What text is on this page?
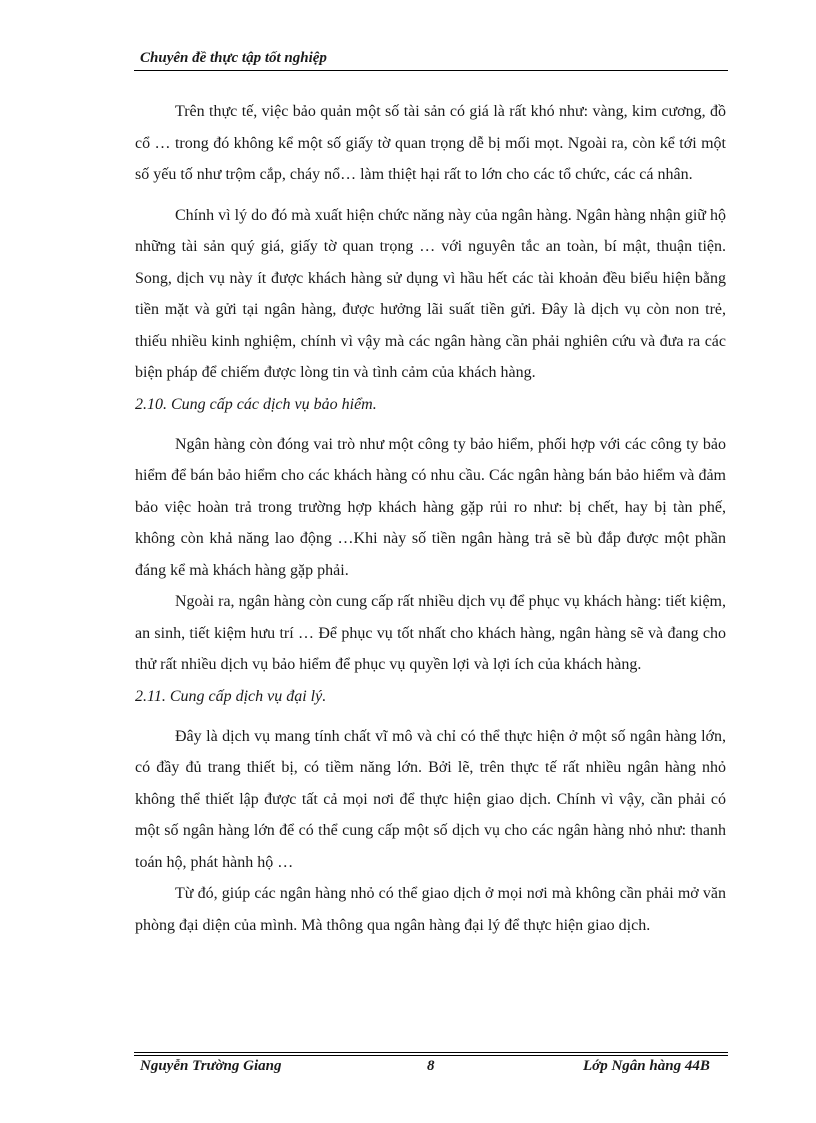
Chuyên đề thực tập tốt nghiệp

Trên thực tế, việc bảo quản một số tài sản có giá là rất khó như: vàng, kim cương, đồ cổ … trong đó không kể một số giấy tờ quan trọng dễ bị mối mọt. Ngoài ra, còn kể tới một số yếu tố như trộm cắp, cháy nổ… làm thiệt hại rất to lớn cho các tổ chức, các cá nhân.

Chính vì lý do đó mà xuất hiện chức năng này của ngân hàng. Ngân hàng nhận giữ hộ những tài sản quý giá, giấy tờ quan trọng … với nguyên tắc an toàn, bí mật, thuận tiện. Song, dịch vụ này ít được khách hàng sử dụng vì hầu hết các tài khoản đều biểu hiện bằng tiền mặt và gửi tại ngân hàng, được hưởng lãi suất tiền gửi. Đây là dịch vụ còn non trẻ, thiếu nhiều kinh nghiệm, chính vì vậy mà các ngân hàng cần phải nghiên cứu và đưa ra các biện pháp để chiếm được lòng tin và tình cảm của khách hàng.

2.10. Cung cấp các dịch vụ bảo hiểm.

Ngân hàng còn đóng vai trò như một công ty bảo hiểm, phối hợp với các công ty bảo hiểm để bán bảo hiểm cho các khách hàng có nhu cầu. Các ngân hàng bán bảo hiểm và đảm bảo việc hoàn trả trong trường hợp khách hàng gặp rủi ro như: bị chết, hay bị tàn phế, không còn khả năng lao động …Khi này số tiền ngân hàng trả sẽ bù đắp được một phần đáng kể mà khách hàng gặp phải.

Ngoài ra, ngân hàng còn cung cấp rất nhiều dịch vụ để phục vụ khách hàng: tiết kiệm, an sinh, tiết kiệm hưu trí … Để phục vụ tốt nhất cho khách hàng, ngân hàng sẽ và đang cho thử rất nhiều dịch vụ bảo hiểm để phục vụ quyền lợi và lợi ích của khách hàng.

2.11. Cung cấp dịch vụ đại lý.

Đây là dịch vụ mang tính chất vĩ mô và chỉ có thể thực hiện ở một số ngân hàng lớn, có đầy đủ trang thiết bị, có tiềm năng lớn. Bởi lẽ, trên thực tế rất nhiều ngân hàng nhỏ không thể thiết lập được tất cả mọi nơi để thực hiện giao dịch. Chính vì vậy, cần phải có một số ngân hàng lớn để có thể cung cấp một số dịch vụ cho các ngân hàng nhỏ như: thanh toán hộ, phát hành hộ …

Từ đó, giúp các ngân hàng nhỏ có thể giao dịch ở mọi nơi mà không cần phải mở văn phòng đại diện của mình. Mà thông qua ngân hàng đại lý để thực hiện giao dịch.

Nguyễn Trường Giang	8	Lớp Ngân hàng 44B
